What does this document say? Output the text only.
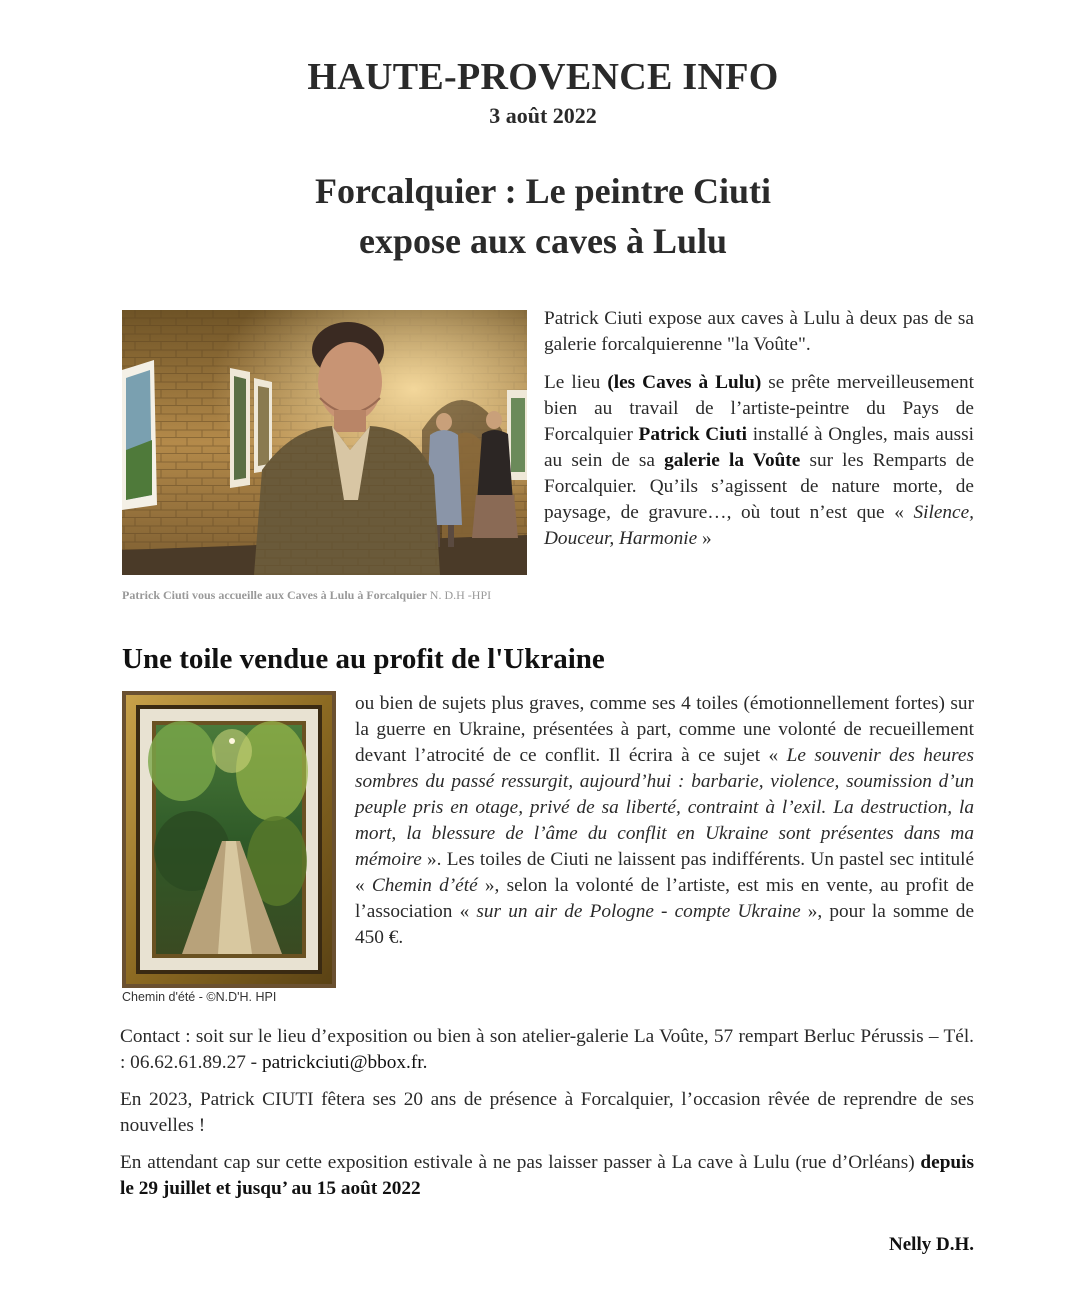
HAUTE-PROVENCE INFO
3 août 2022
Forcalquier : Le peintre Ciuti
expose aux caves à Lulu
Patrick Ciuti vous accueille aux Caves à Lulu à Forcalquier N. D.H -HPI

Patrick Ciuti expose aux caves à Lulu à deux pas de sa galerie forcalquierenne "la Voûte".

Le lieu (les Caves à Lulu) se prête merveilleusement bien au travail de l’artiste-peintre du Pays de Forcalquier Patrick Ciuti installé à Ongles, mais aussi au sein de sa galerie la Voûte sur les Remparts de Forcalquier. Qu’ils s’agissent de nature morte, de paysage, de gravure…, où tout n’est que « Silence, Douceur, Harmonie »

Une toile vendue au profit de l'Ukraine
Chemin d'été - ©N.D'H. HPI

ou bien de sujets plus graves, comme ses 4 toiles (émotionnellement fortes) sur la guerre en Ukraine, présentées à part, comme une volonté de recueillement devant l’atrocité de ce conflit. Il écrira à ce sujet « Le souvenir des heures sombres du passé ressurgit, aujourd’hui : barbarie, violence, soumission d’un peuple pris en otage, privé de sa liberté, contraint à l’exil. La destruction, la mort, la blessure de l’âme du conflit en Ukraine sont présentes dans ma mémoire ». Les toiles de Ciuti ne laissent pas indifférents. Un pastel sec intitulé « Chemin d’été », selon la volonté de l’artiste, est mis en vente, au profit de l’association « sur un air de Pologne - compte Ukraine », pour la somme de 450 €.

Contact : soit sur le lieu d’exposition ou bien à son atelier-galerie La Voûte, 57 rempart Berluc Pérussis – Tél. : 06.62.61.89.27 - patrickciuti@bbox.fr.

En 2023, Patrick CIUTI fêtera ses 20 ans de présence à Forcalquier, l’occasion rêvée de reprendre de ses nouvelles !

En attendant cap sur cette exposition estivale à ne pas laisser passer à La cave à Lulu (rue d’Orléans) depuis le 29 juillet et jusqu’ au 15 août 2022

Nelly D.H.
